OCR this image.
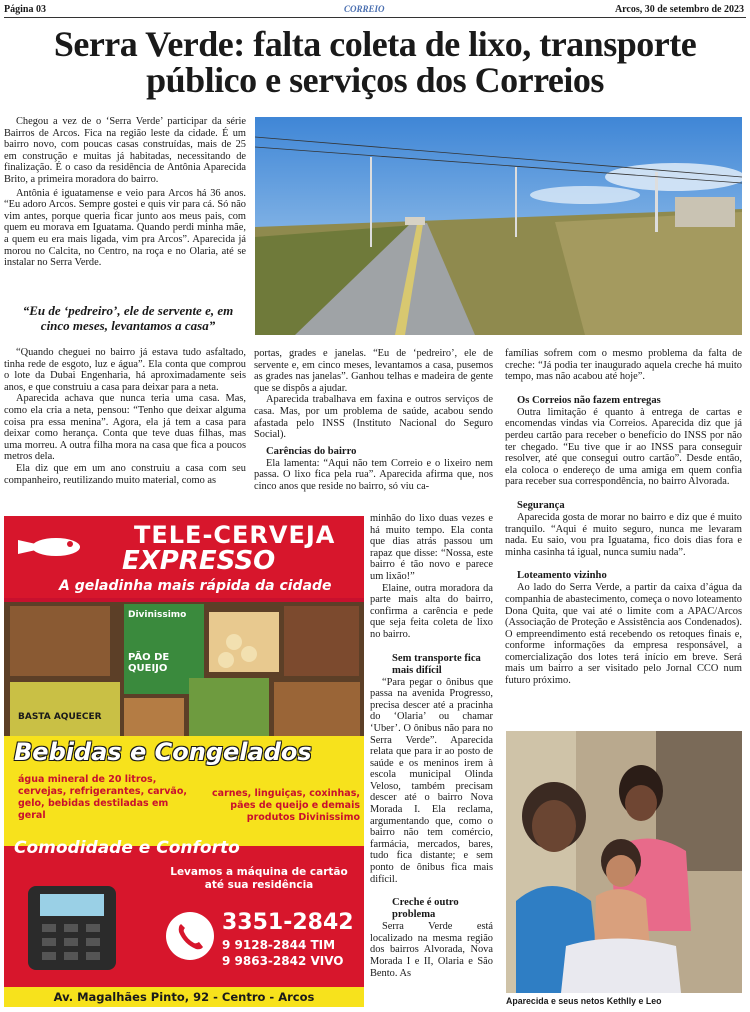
Página 03	CORREIO	Arcos, 30 de setembro de 2023
Serra Verde: falta coleta de lixo, transporte público e serviços dos Correios

Chegou a vez de o ‘Serra Verde’ participar da série Bairros de Arcos. Fica na região leste da cidade. É um bairro novo, com poucas casas construídas, mais de 25 em construção e muitas já habitadas, necessitando de finalização. É o caso da residência de Antônia Aparecida Brito, a primeira moradora do bairro.

Antônia é iguatamense e veio para Arcos há 36 anos. “Eu adoro Arcos. Sempre gostei e quis vir para cá. Só não vim antes, porque queria ficar junto aos meus pais, com quem eu morava em Iguatama. Quando perdi minha mãe, a quem eu era mais ligada, vim pra Arcos”. Aparecida já morou no Calcita, no Centro, na roça e no Olaria, até se instalar no Serra Verde.

“Eu de ‘pedreiro’, ele de servente e, em cinco meses, levantamos a casa”

“Quando cheguei no bairro já estava tudo asfaltado, tinha rede de esgoto, luz e água”. Ela conta que comprou o lote da Dubai Engenharia, há aproximadamente seis anos, e que construiu a casa para deixar para a neta.

Aparecida achava que nunca teria uma casa. Mas, como ela cria a neta, pensou: “Tenho que deixar alguma coisa pra essa menina”. Agora, ela já tem a casa para deixar como herança. Conta que teve duas filhas, mas uma morreu. A outra filha mora na casa que fica a poucos metros dela.

Ela diz que em um ano construiu a casa com seu companheiro, reutilizando muito material, como as

portas, grades e janelas. “Eu de ‘pedreiro’, ele de servente e, em cinco meses, levantamos a casa, pusemos as grades nas janelas”. Ganhou telhas e madeira de gente que se dispôs a ajudar.

Aparecida trabalhava em faxina e outros serviços de casa. Mas, por um problema de saúde, acabou sendo afastada pelo INSS (Instituto Nacional do Seguro Social).

Carências do bairro

Ela lamenta: “Aqui não tem Correio e o lixeiro nem passa. O lixo fica pela rua”. Aparecida afirma que, nos cinco anos que reside no bairro, só viu ca-

minhão do lixo duas vezes e há muito tempo. Ela conta que dias atrás passou um rapaz que disse: “Nossa, este bairro é tão novo e parece um lixão!”

Elaine, outra moradora da parte mais alta do bairro, confirma a carência e pede que seja feita coleta de lixo no bairro.

Sem transporte fica mais difícil

“Para pegar o ônibus que passa na avenida Progresso, precisa descer até a pracinha do ‘Olaria’ ou chamar ‘Uber’. O ônibus não para no Serra Verde”. Aparecida relata que para ir ao posto de saúde e os meninos irem à escola municipal Olinda Veloso, também precisam descer até o bairro Nova Morada I. Ela reclama, argumentando que, como o bairro não tem comércio, farmácia, mercados, bares, tudo fica distante; e sem ponto de ônibus fica mais difícil.

Creche é outro problema

Serra Verde está localizado na mesma região dos bairros Alvorada, Nova Morada I e II, Olaria e São Bento. As

famílias sofrem com o mesmo problema da falta de creche: “Já podia ter inaugurado aquela creche há muito tempo, mas não acabou até hoje”.

Os Correios não fazem entregas

Outra limitação é quanto à entrega de cartas e encomendas vindas via Correios. Aparecida diz que já perdeu cartão para receber o benefício do INSS por não ter chegado. “Eu tive que ir ao INSS para conseguir resolver, até que consegui outro cartão”. Desde então, ela coloca o endereço de uma amiga em quem confia para receber sua correspondência, no bairro Alvorada.

Segurança

Aparecida gosta de morar no bairro e diz que é muito tranquilo. “Aqui é muito seguro, nunca me levaram nada. Eu saio, vou pra Iguatama, fico dois dias fora e minha casinha tá igual, nunca sumiu nada”.

Loteamento vizinho

Ao lado do Serra Verde, a partir da caixa d’água da companhia de abastecimento, começa o novo loteamento Dona Quita, que vai até o limite com a APAC/Arcos (Associação de Proteção e Assistência aos Condenados). O empreendimento está recebendo os retoques finais e, conforme informações da empresa responsável, a comercialização dos lotes terá início em breve. Será mais um bairro a ser visitado pelo Jornal CCO num futuro próximo.

Aparecida e seus netos Kethlly e Leo
TELE-CERVEJA
EXPRESSO
A geladinha mais rápida da cidade
Divinissimo
PÃO DE QUEIJO
BASTA AQUECER
Bebidas e Congelados
água mineral de 20 litros, cervejas, refrigerantes, carvão, gelo, bebidas destiladas em geral
carnes, linguiças, coxinhas, pães de queijo e demais produtos Divinissimo
Comodidade e Conforto
Levamos a máquina de cartão até sua residência
3351-2842
9 9128-2844 TIM
9 9863-2842 VIVO
Av. Magalhães Pinto, 92 - Centro - Arcos
